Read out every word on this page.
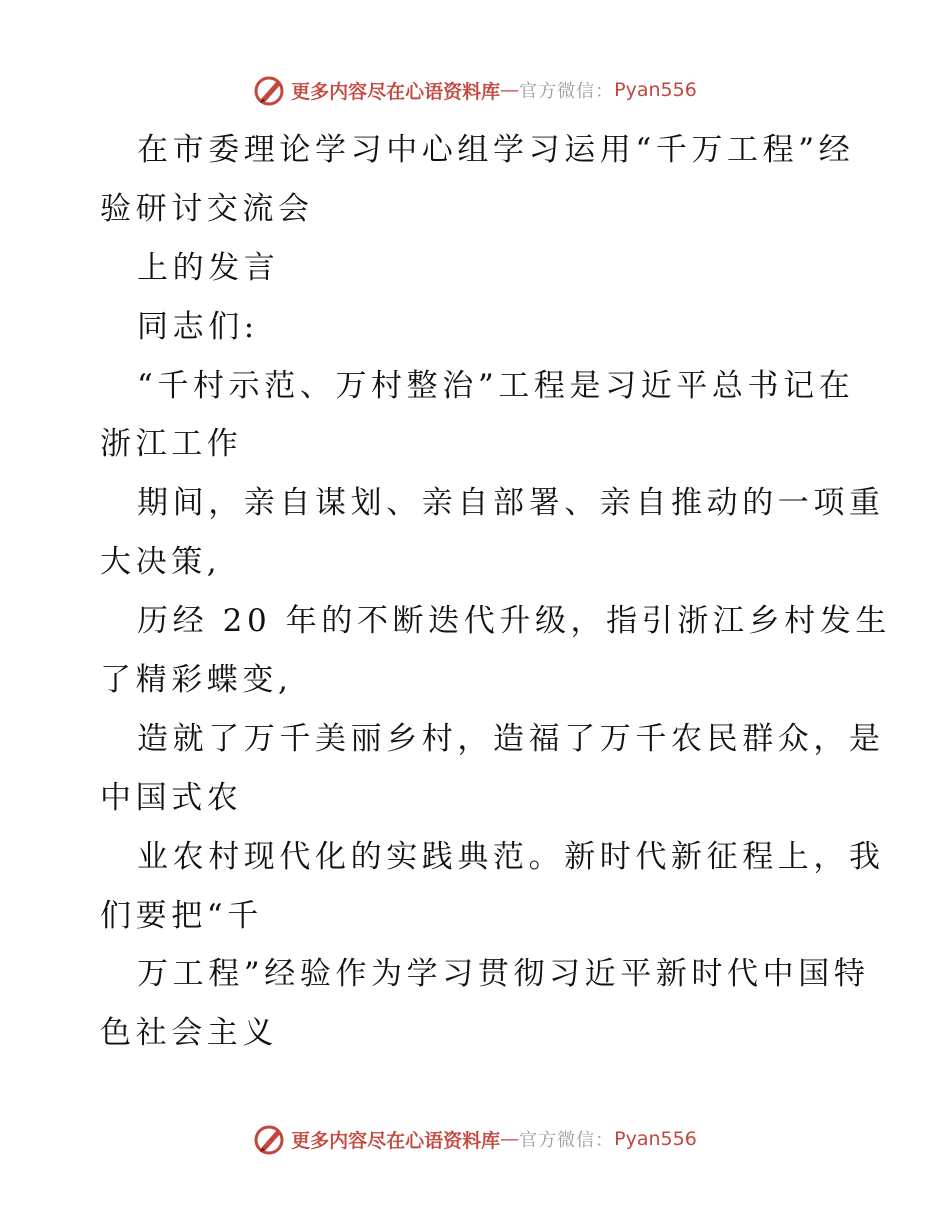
更多内容尽在心语资料库 — 官方微信： Pyan556
在市委理论学习中心组学习运用“千万工程”经
验研讨交流会
上的发言
同志们:
“千村示范、万村整治”工程是习近平总书记在
浙江工作
期间，亲自谋划、亲自部署、亲自推动的一项重
大决策,
历经 20 年的不断迭代升级，指引浙江乡村发生
了精彩蝶变,
造就了万千美丽乡村，造福了万千农民群众，是
中国式农
业农村现代化的实践典范。新时代新征程上，我
们要把“千
万工程”经验作为学习贯彻习近平新时代中国特
色社会主义
更多内容尽在心语资料库 — 官方微信： Pyan556
